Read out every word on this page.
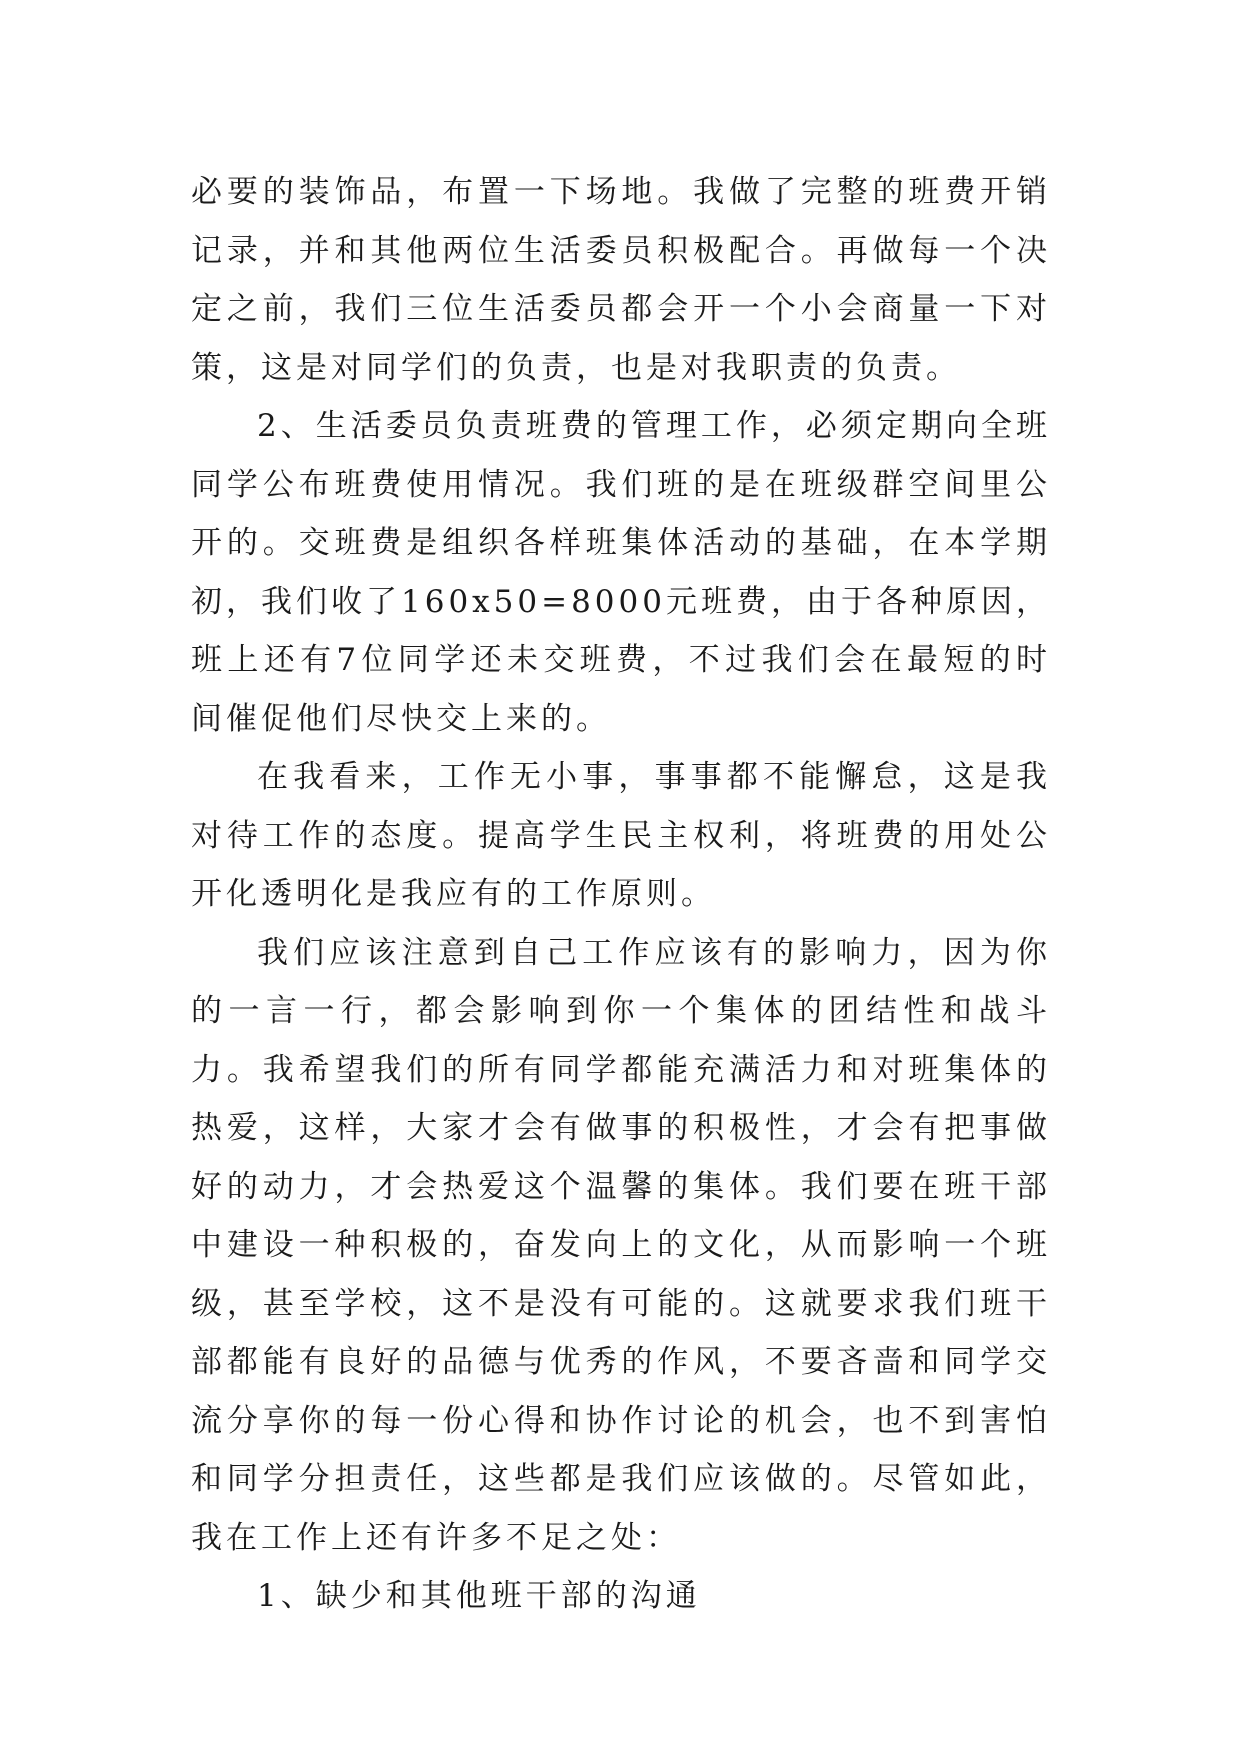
必要的装饰品，布置一下场地。我做了完整的班费开销记录，并和其他两位生活委员积极配合。再做每一个决定之前，我们三位生活委员都会开一个小会商量一下对策，这是对同学们的负责，也是对我职责的负责。

2、生活委员负责班费的管理工作，必须定期向全班同学公布班费使用情况。我们班的是在班级群空间里公开的。交班费是组织各样班集体活动的基础，在本学期初，我们收了160x50=8000元班费，由于各种原因，班上还有7位同学还未交班费，不过我们会在最短的时间催促他们尽快交上来的。

在我看来，工作无小事，事事都不能懈怠，这是我对待工作的态度。提高学生民主权利，将班费的用处公开化透明化是我应有的工作原则。

我们应该注意到自己工作应该有的影响力，因为你的一言一行，都会影响到你一个集体的团结性和战斗力。我希望我们的所有同学都能充满活力和对班集体的热爱，这样，大家才会有做事的积极性，才会有把事做好的动力，才会热爱这个温馨的集体。我们要在班干部中建设一种积极的，奋发向上的文化，从而影响一个班级，甚至学校，这不是没有可能的。这就要求我们班干部都能有良好的品德与优秀的作风，不要吝啬和同学交流分享你的每一份心得和协作讨论的机会，也不到害怕和同学分担责任，这些都是我们应该做的。尽管如此，我在工作上还有许多不足之处：

1、缺少和其他班干部的沟通
